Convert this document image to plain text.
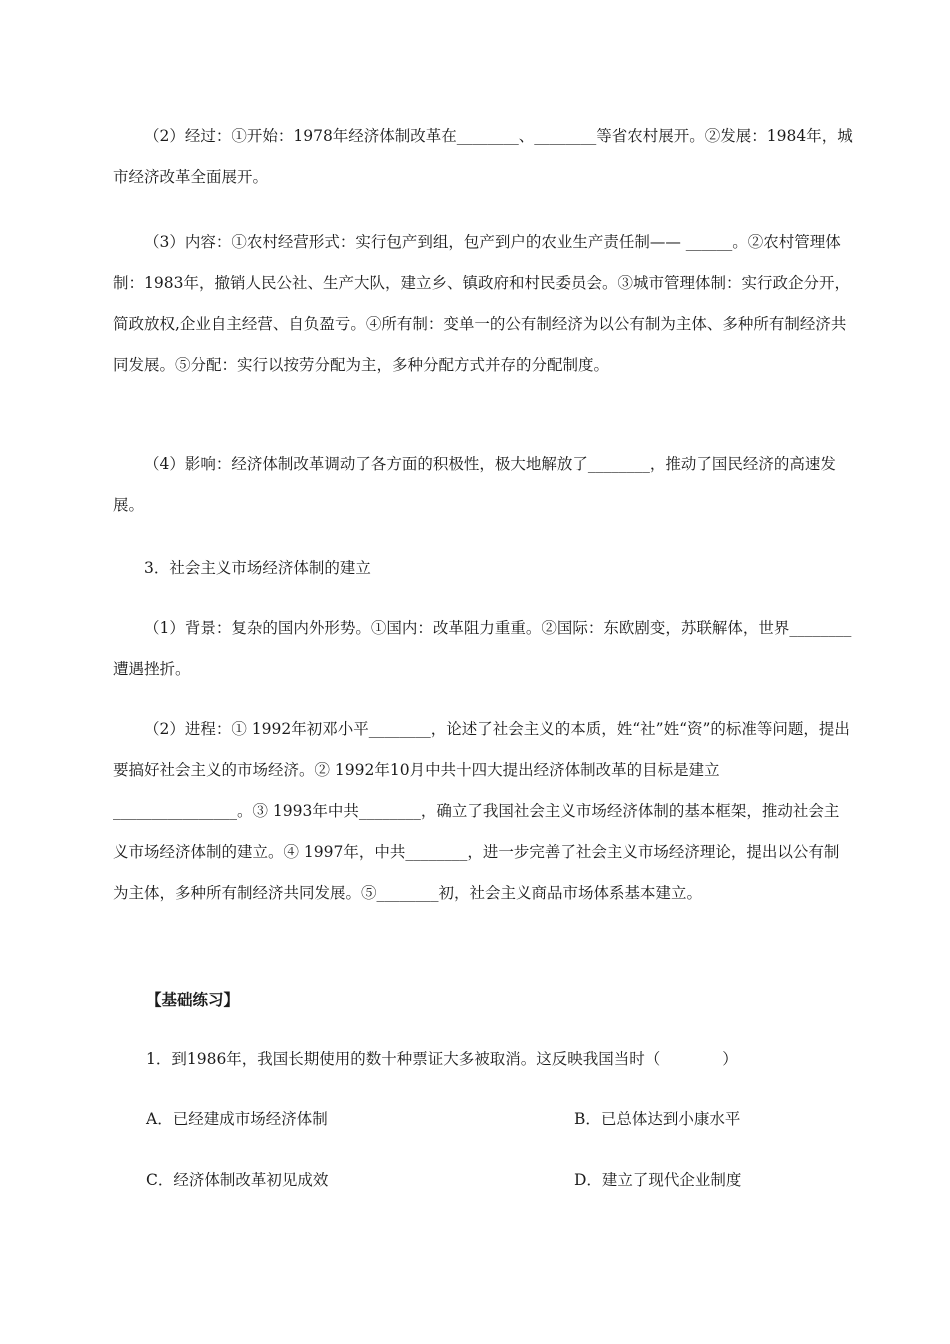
（2）经过：①开始：1978年经济体制改革在________、________等省农村展开。②发展：1984年，城市经济改革全面展开。

（3）内容：①农村经营形式：实行包产到组，包产到户的农业生产责任制—— ______。②农村管理体制：1983年，撤销人民公社、生产大队，建立乡、镇政府和村民委员会。③城市管理体制：实行政企分开，简政放权,企业自主经营、自负盈亏。④所有制：变单一的公有制经济为以公有制为主体、多种所有制经济共同发展。⑤分配：实行以按劳分配为主，多种分配方式并存的分配制度。

（4）影响：经济体制改革调动了各方面的积极性，极大地解放了________，推动了国民经济的高速发展。

3．社会主义市场经济体制的建立

（1）背景：复杂的国内外形势。①国内：改革阻力重重。②国际：东欧剧变，苏联解体，世界________遭遇挫折。

（2）进程：① 1992年初邓小平________，论述了社会主义的本质，姓“社”姓“资”的标准等问题，提出要搞好社会主义的市场经济。② 1992年10月中共十四大提出经济体制改革的目标是建立________________。③ 1993年中共________，确立了我国社会主义市场经济体制的基本框架，推动社会主义市场经济体制的建立。④ 1997年，中共________，进一步完善了社会主义市场经济理论，提出以公有制为主体，多种所有制经济共同发展。⑤________初，社会主义商品市场体系基本建立。

【基础练习】

1．到1986年，我国长期使用的数十种票证大多被取消。这反映我国当时（　　　　）

A．已经建成市场经济体制	B．已总体达到小康水平

C．经济体制改革初见成效	D．建立了现代企业制度
